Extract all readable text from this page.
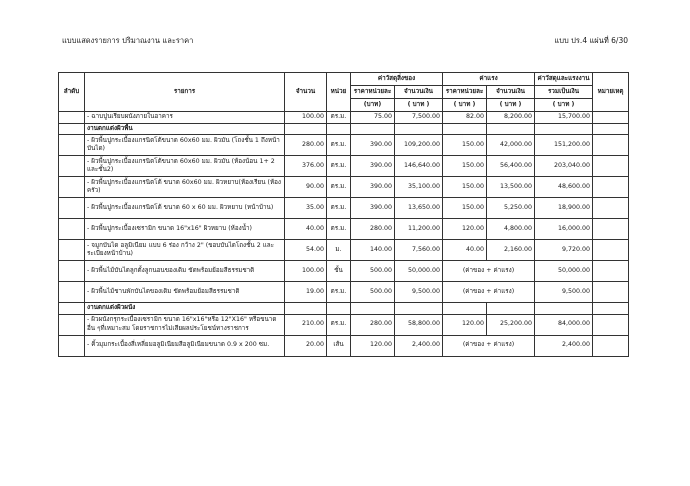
แบบแสดงรายการ ปริมาณงาน และราคา	แบบ ปร.4 แผ่นที่ 6/30
ลำดับ	รายการ	จำนวน	หน่วย	ค่าวัสดุสิ่งของ		ค่าแรง		ค่าวัสดุและแรงงาน	หมายเหตุ
				ราคาหน่วยละ	จำนวนเงิน	ราคาหน่วยละ	จำนวนเงิน	รวมเป็นเงิน	
				(บาท)	( บาท )	( บาท )	( บาท )	( บาท )	
	- ฉาบปูนเรียบผนังภายในอาคาร	100.00	ตร.ม.	75.00	7,500.00	82.00	8,200.00	15,700.00	
	งานตกแต่งผิวพื้น								
	- ผิวพื้นปูกระเบื้องแกรนิตโต้ขนาด 60x60 มม. ผิวมัน (โถงชั้น 1 ถึงหน้าบันได)	280.00	ตร.ม.	390.00	109,200.00	150.00	42,000.00	151,200.00	
	- ผิวพื้นปูกระเบื้องแกรนิตโต้ขนาด 60x60 มม. ผิวมัน (ห้องน้อน 1+ 2 และชั้น2)	376.00	ตร.ม.	390.00	146,640.00	150.00	56,400.00	203,040.00	
	- ผิวพื้นปูกระเบื้องแกรนิตโต้ ขนาด 60x60 มม. ผิวหยาบ(ห้องเรียน (ห้องครัว)	90.00	ตร.ม.	390.00	35,100.00	150.00	13,500.00	48,600.00	
	- ผิวพื้นปูกระเบื้องแกรนิตโต้ ขนาด 60 x 60 มม. ผิวหยาบ (หน้าบ้าน)	35.00	ตร.ม.	390.00	13,650.00	150.00	5,250.00	18,900.00	
	- ผิวพื้นปูกระเบื้องเซรามิก ขนาด 16"x16" ผิวหยาบ (ห้องน้ำ)	40.00	ตร.ม.	280.00	11,200.00	120.00	4,800.00	16,000.00	
	- จมูกบันได อลูมิเนียม แบบ 6 ร่อง กว้าง 2" (ขอบบันไดโถงชั้น 2 และระเบียงหน้าบ้าน)	54.00	ม.	140.00	7,560.00	40.00	2,160.00	9,720.00	
	- ผิวพื้นไม้บันไดลูกตั้งลูกนอนของเดิม ขัดพร้อมย้อมสีธรรมชาติ	100.00	ขั้น	500.00	50,000.00	(ค่าของ + ค่าแรง)		50,000.00	
	- ผิวพื้นไม้ชานพักบันไดของเดิม ขัดพร้อมย้อมสีธรรมชาติ	19.00	ตร.ม.	500.00	9,500.00	(ค่าของ + ค่าแรง)		9,500.00	
	งานตกแต่งผิวผนัง								
	- ผิวผนังกรุกระเบื้องเซรามิก ขนาด 16"x16"หรือ 12"X16" หรือขนาดอื่น ๆที่เหมาะสม โดยราชการไม่เสียผลประโยชน์ทางราชการ	210.00	ตร.ม.	280.00	58,800.00	120.00	25,200.00	84,000.00	
	- คิ้วมุมกระเบื้องสี่เหลี่ยมอลูมิเนียมสีอลูมิเนียมขนาด 0.9 x 200 ซม.	20.00	เส้น	120.00	2,400.00	(ค่าของ + ค่าแรง)		2,400.00	
